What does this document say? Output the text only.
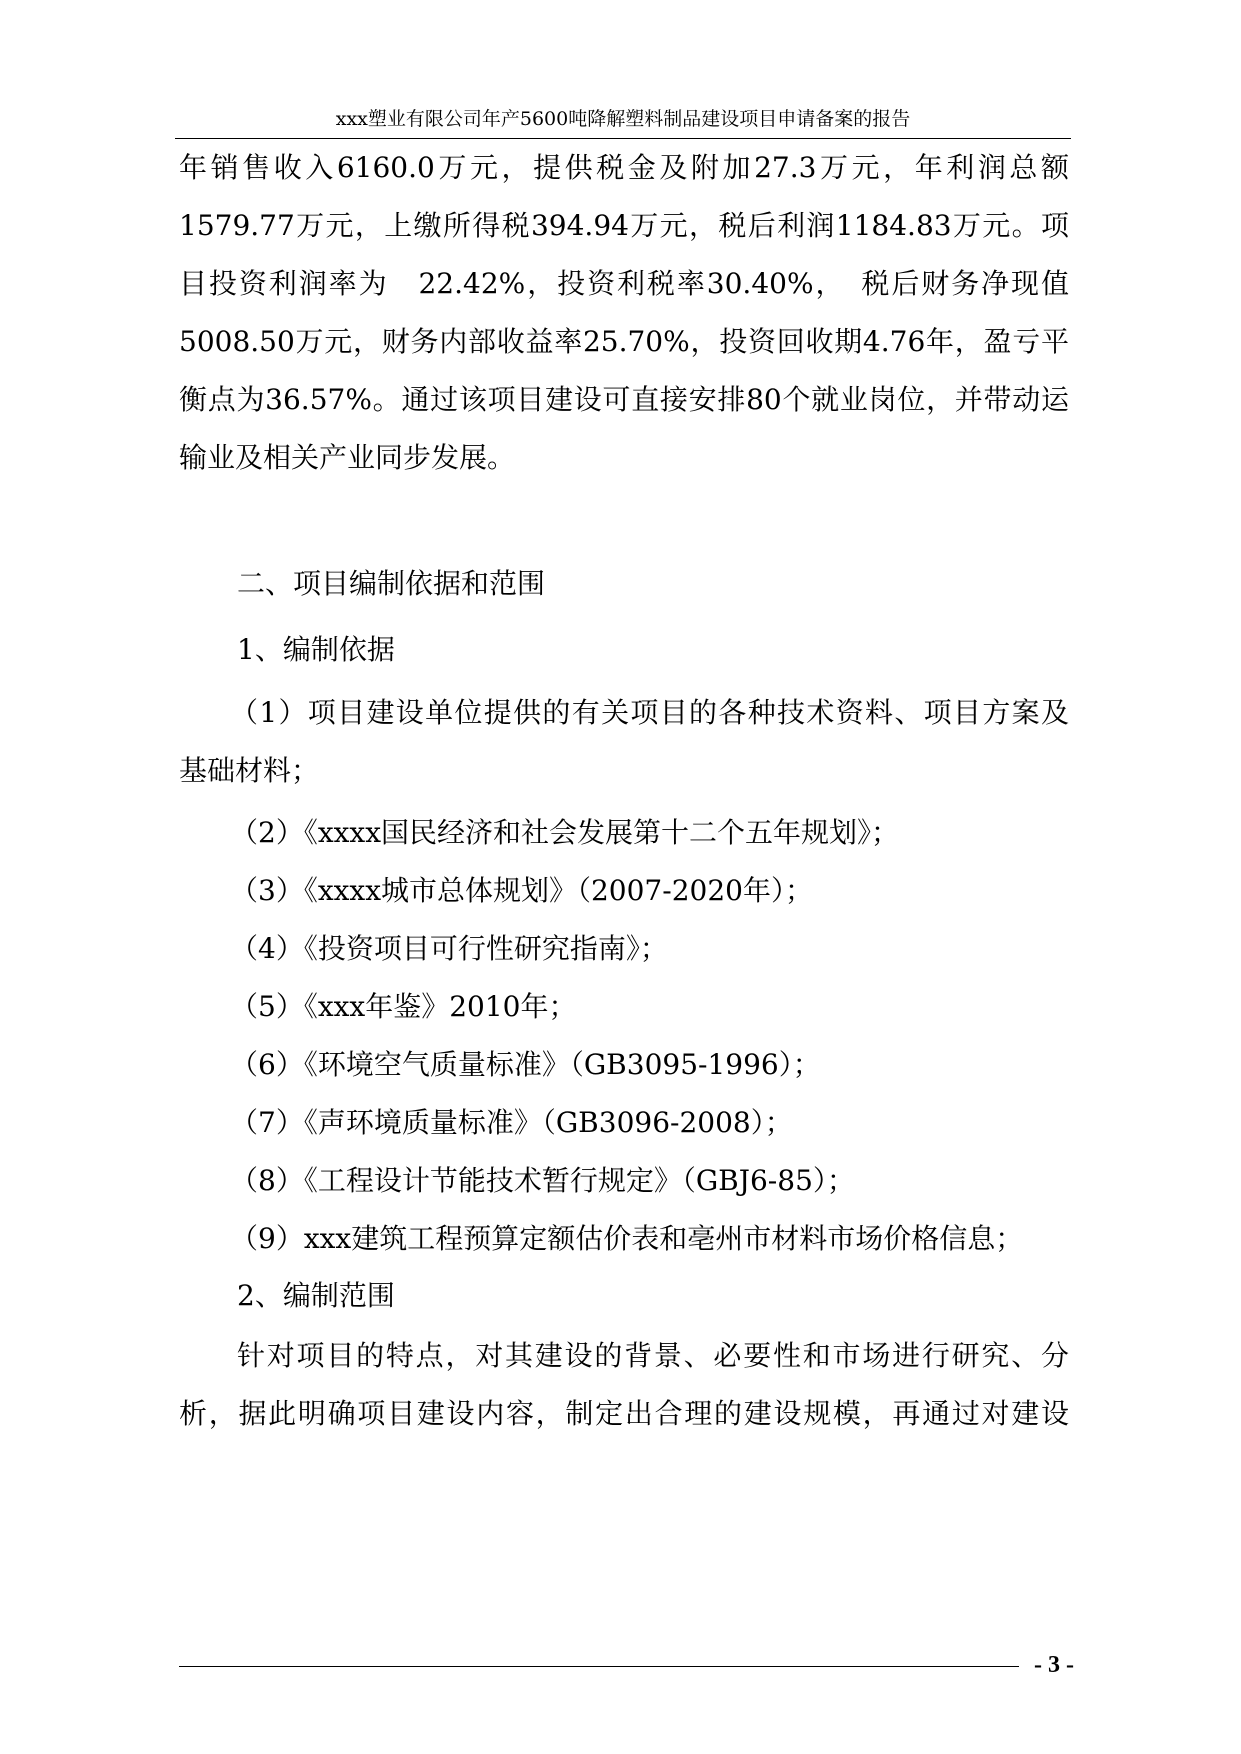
xxx塑业有限公司年产5600吨降解塑料制品建设项目申请备案的报告
年销售收入6160.0万元，提供税金及附加27.3万元，年利润总额
1579.77万元，上缴所得税394.94万元，税后利润1184.83万元。项
目投资利润率为　22.42%，投资利税率30.40%，　税后财务净现值
5008.50万元，财务内部收益率25.70%，投资回收期4.76年，盈亏平
衡点为36.57%。通过该项目建设可直接安排80个就业岗位，并带动运
输业及相关产业同步发展。
二、项目编制依据和范围
1、编制依据
（1）项目建设单位提供的有关项目的各种技术资料、项目方案及
基础材料；
（2）《xxxx国民经济和社会发展第十二个五年规划》；
（3）《xxxx城市总体规划》（2007-2020年）；
（4）《投资项目可行性研究指南》；
（5）《xxx年鉴》2010年；
（6）《环境空气质量标准》（GB3095-1996）；
（7）《声环境质量标准》（GB3096-2008）；
（8）《工程设计节能技术暂行规定》（GBJ6-85）；
（9）xxx建筑工程预算定额估价表和亳州市材料市场价格信息；
2、编制范围
针对项目的特点，对其建设的背景、必要性和市场进行研究、分
析，据此明确项目建设内容，制定出合理的建设规模，再通过对建设
- 3 -
